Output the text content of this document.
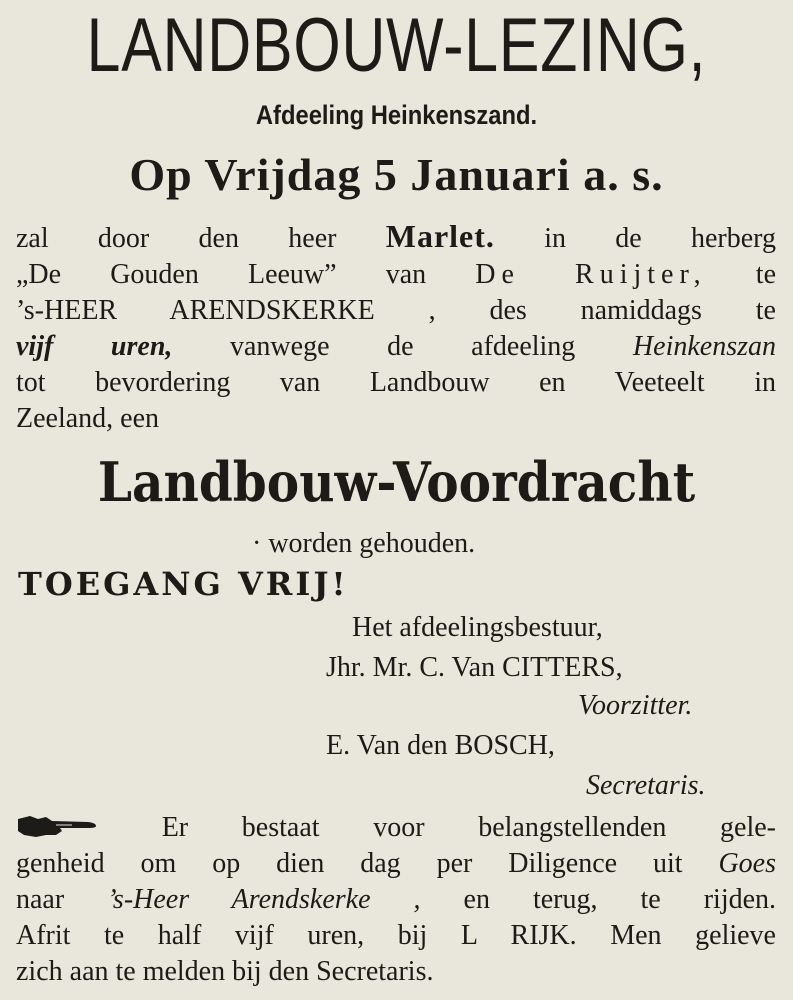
LANDBOUW-LEZING,
Afdeeling Heinkenszand.
Op Vrijdag 5 Januari a. s.
zal door den heer Marlet. in de herberg
„De Gouden Leeuw” van De Ruijter, te
’s-HEER ARENDSKERKE , des namiddags te
vijf uren, vanwege de afdeeling Heinkenszan
tot bevordering van Landbouw en Veeteelt in
Zeeland, een
Landbouw-Voordracht
· worden gehouden.
TOEGANG VRIJ!
Het afdeelingsbestuur,
Jhr. Mr. C. Van CITTERS,
Voorzitter.
E. Van den BOSCH,
Secretaris.
Er bestaat voor belangstellenden gele-
genheid om op dien dag per Diligence uit Goes
naar ’s-Heer Arendskerke , en terug, te rijden.
Afrit te half vijf uren, bij L RIJK. Men gelieve
zich aan te melden bij den Secretaris.
